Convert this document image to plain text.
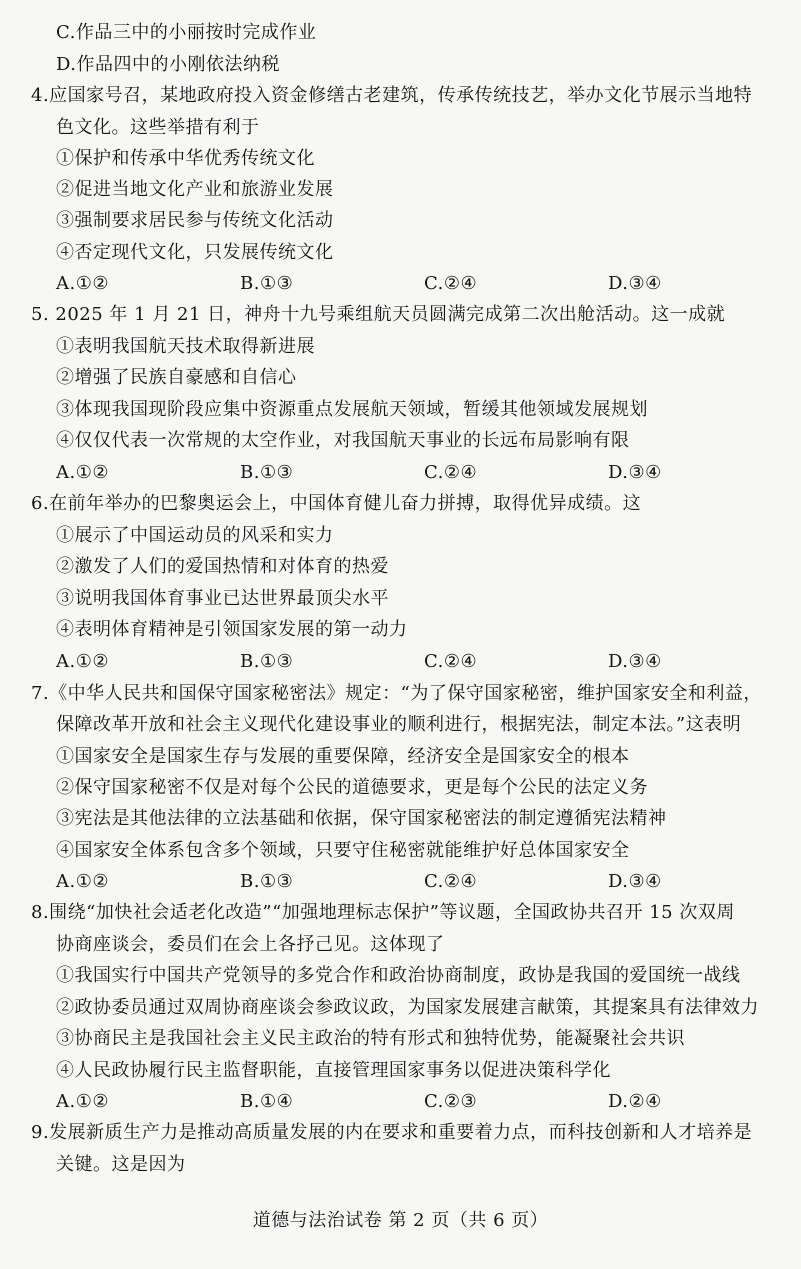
C.作品三中的小丽按时完成作业
D.作品四中的小刚依法纳税
4.应国家号召，某地政府投入资金修缮古老建筑，传承传统技艺，举办文化节展示当地特
色文化。这些举措有利于
①保护和传承中华优秀传统文化
②促进当地文化产业和旅游业发展
③强制要求居民参与传统文化活动
④否定现代文化，只发展传统文化
A.①②	B.①③	C.②④	D.③④
5. 2025 年 1 月 21 日，神舟十九号乘组航天员圆满完成第二次出舱活动。这一成就
①表明我国航天技术取得新进展
②增强了民族自豪感和自信心
③体现我国现阶段应集中资源重点发展航天领域，暂缓其他领域发展规划
④仅仅代表一次常规的太空作业，对我国航天事业的长远布局影响有限
A.①②	B.①③	C.②④	D.③④
6.在前年举办的巴黎奥运会上，中国体育健儿奋力拼搏，取得优异成绩。这
①展示了中国运动员的风采和实力
②激发了人们的爱国热情和对体育的热爱
③说明我国体育事业已达世界最顶尖水平
④表明体育精神是引领国家发展的第一动力
A.①②	B.①③	C.②④	D.③④
7.《中华人民共和国保守国家秘密法》规定：“为了保守国家秘密，维护国家安全和利益，
保障改革开放和社会主义现代化建设事业的顺利进行，根据宪法，制定本法。”这表明
①国家安全是国家生存与发展的重要保障，经济安全是国家安全的根本
②保守国家秘密不仅是对每个公民的道德要求，更是每个公民的法定义务
③宪法是其他法律的立法基础和依据，保守国家秘密法的制定遵循宪法精神
④国家安全体系包含多个领域，只要守住秘密就能维护好总体国家安全
A.①②	B.①③	C.②④	D.③④
8.围绕“加快社会适老化改造”“加强地理标志保护”等议题，全国政协共召开 15 次双周
协商座谈会，委员们在会上各抒己见。这体现了
①我国实行中国共产党领导的多党合作和政治协商制度，政协是我国的爱国统一战线
②政协委员通过双周协商座谈会参政议政，为国家发展建言献策，其提案具有法律效力
③协商民主是我国社会主义民主政治的特有形式和独特优势，能凝聚社会共识
④人民政协履行民主监督职能，直接管理国家事务以促进决策科学化
A.①②	B.①④	C.②③	D.②④
9.发展新质生产力是推动高质量发展的内在要求和重要着力点，而科技创新和人才培养是
关键。这是因为
道德与法治试卷 第 2 页（共 6 页）
